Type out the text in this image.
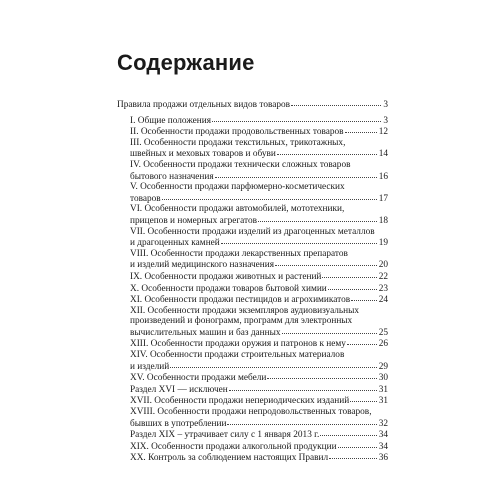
Содержание
Правила продажи отдельных видов товаров	3
I. Общие положения	3
II. Особенности продажи продовольственных товаров	12
III. Особенности продажи текстильных, трикотажных,
швейных и меховых товаров и обуви	14
IV. Особенности продажи технически сложных товаров
бытового назначения	16
V. Особенности продажи парфюмерно-косметических
товаров	17
VI. Особенности продажи автомобилей, мототехники,
прицепов и номерных агрегатов	18
VII. Особенности продажи изделий из драгоценных металлов
и драгоценных камней	19
VIII. Особенности продажи лекарственных препаратов
и изделий медицинского назначения	20
IX. Особенности продажи животных и растений	22
X. Особенности продажи товаров бытовой химии	23
XI. Особенности продажи пестицидов и агрохимикатов	24
XII. Особенности продажи экземпляров аудиовизуальных
произведений и фонограмм, программ для электронных
вычислительных машин и баз данных	25
XIII. Особенности продажи оружия и патронов к нему	26
XIV. Особенности продажи строительных материалов
и изделий	29
XV. Особенности продажи мебели	30
Раздел XVI — исключен	31
XVII. Особенности продажи непериодических изданий	31
XVIII. Особенности продажи непродовольственных товаров,
бывших в употреблении	32
Раздел XIX – утрачивает силу с 1 января 2013 г.	34
XIX. Особенности продажи алкогольной продукции	34
XX. Контроль за соблюдением настоящих Правил	36
